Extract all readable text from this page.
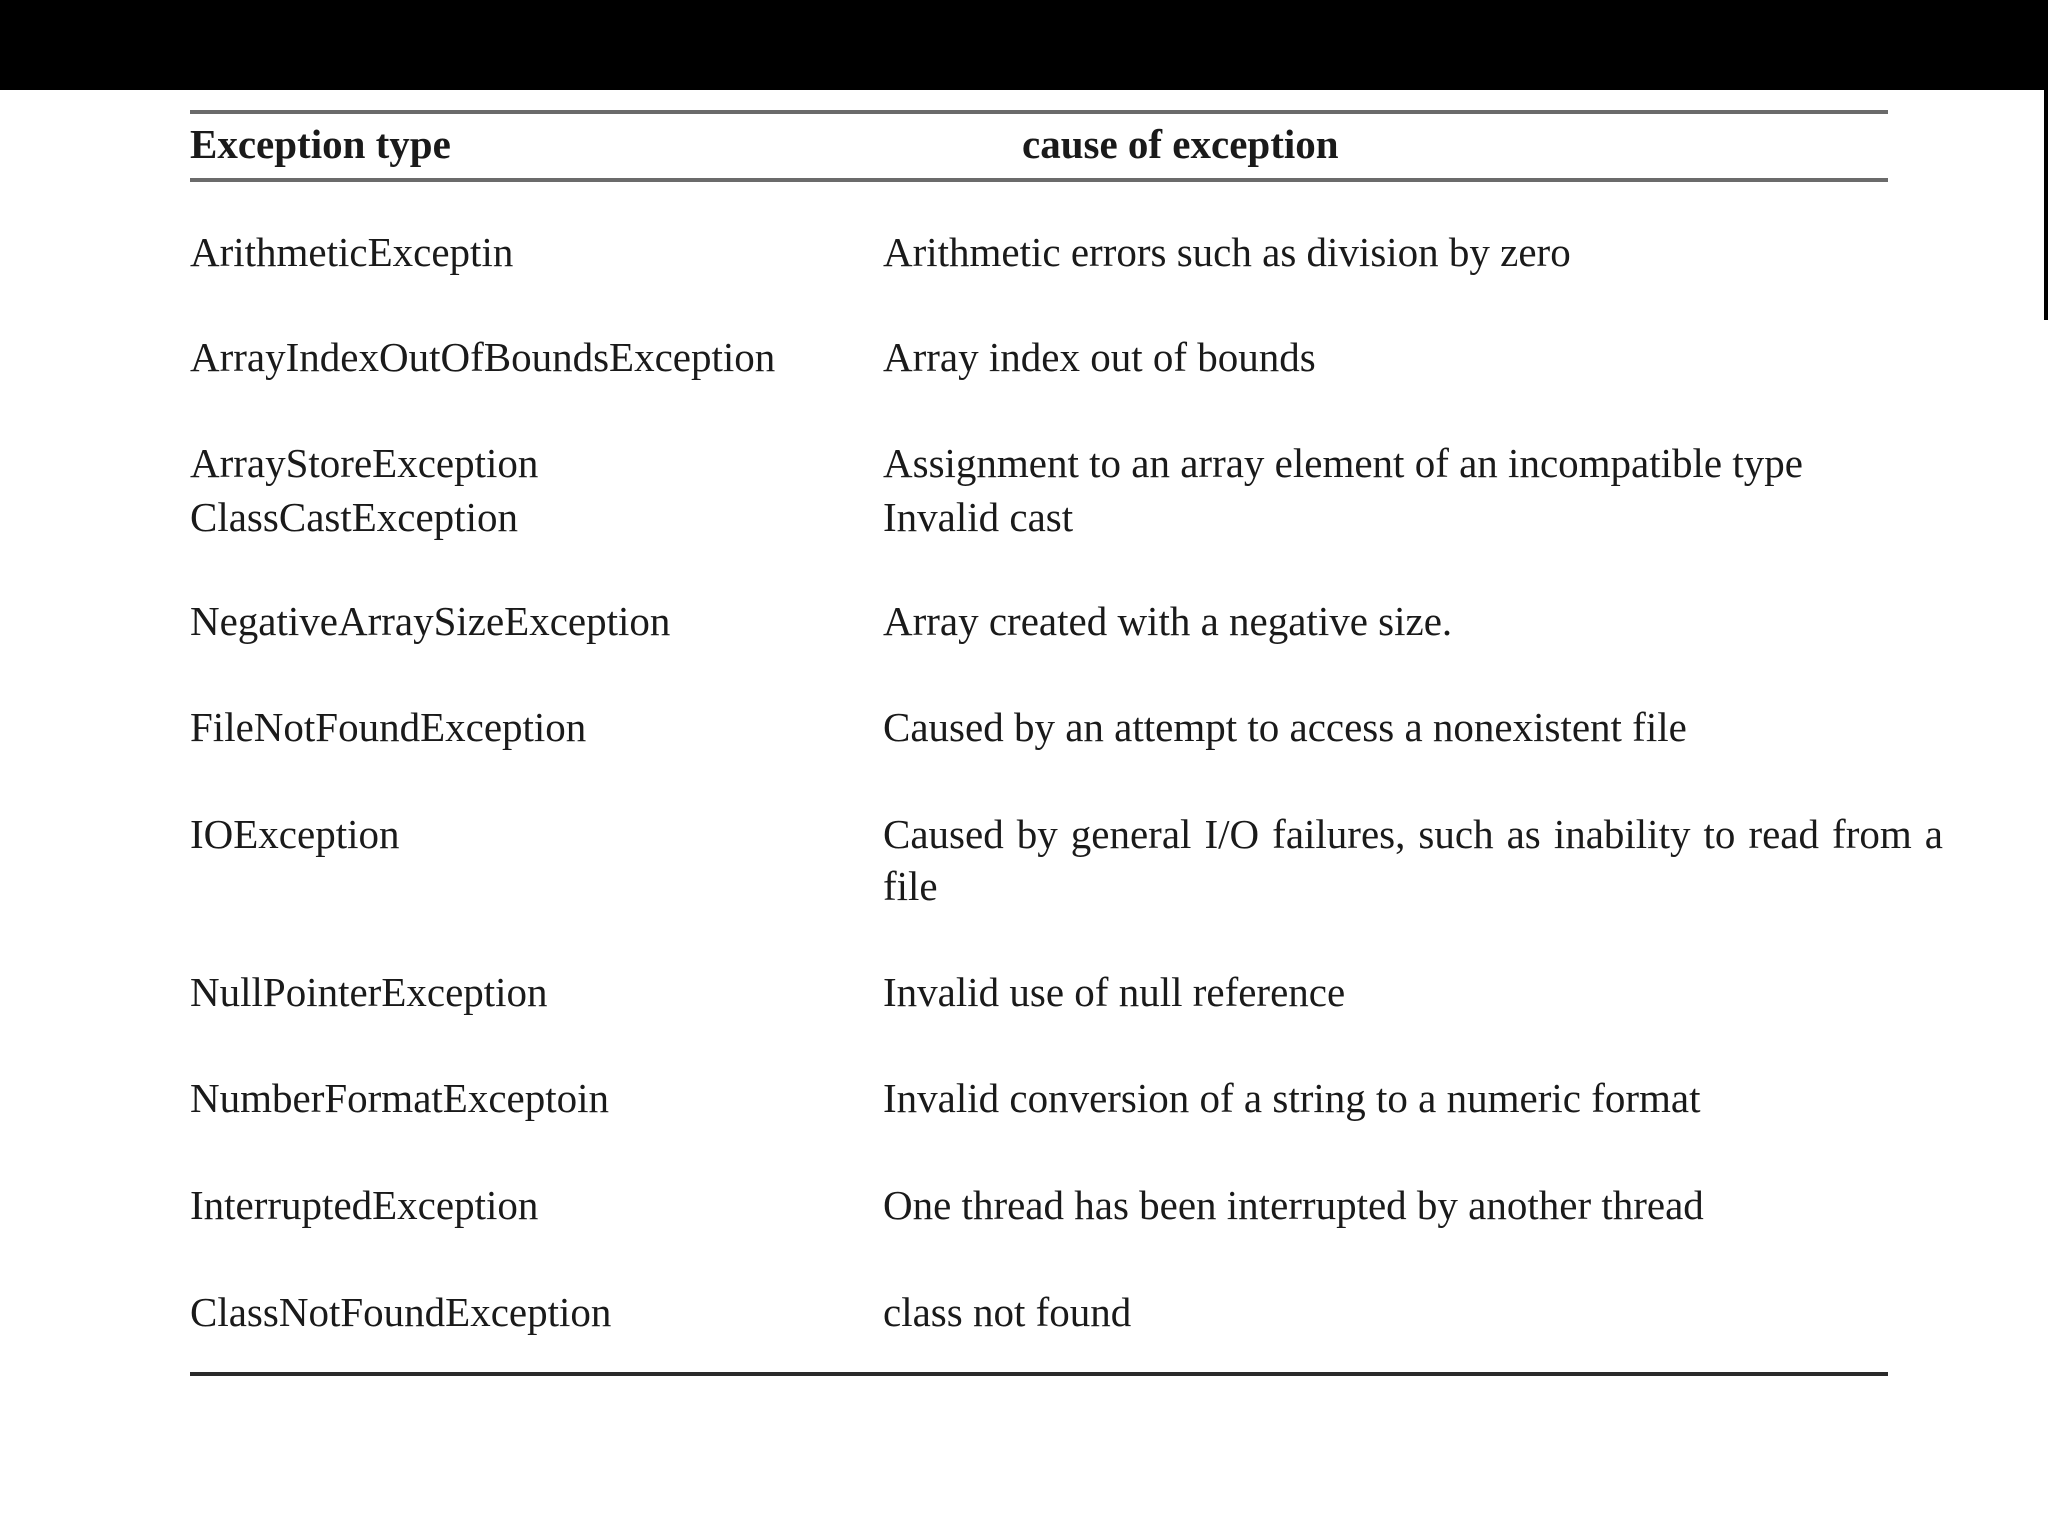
Exception type	cause of exception
ArithmeticExceptin	Arithmetic errors such as division by zero
ArrayIndexOutOfBoundsException	Array index out of bounds
ArrayStoreException	Assignment to an array element of an incompatible type
ClassCastException	Invalid cast
NegativeArraySizeException	Array created with a negative size.
FileNotFoundException	Caused by an attempt to access a nonexistent file
IOException	Caused by general I/O failures, such as inability to read from a file
NullPointerException	Invalid use of null reference
NumberFormatExceptoin	Invalid conversion of a string to a numeric format
InterruptedException	One thread has been interrupted by another thread
ClassNotFoundException	class not found
